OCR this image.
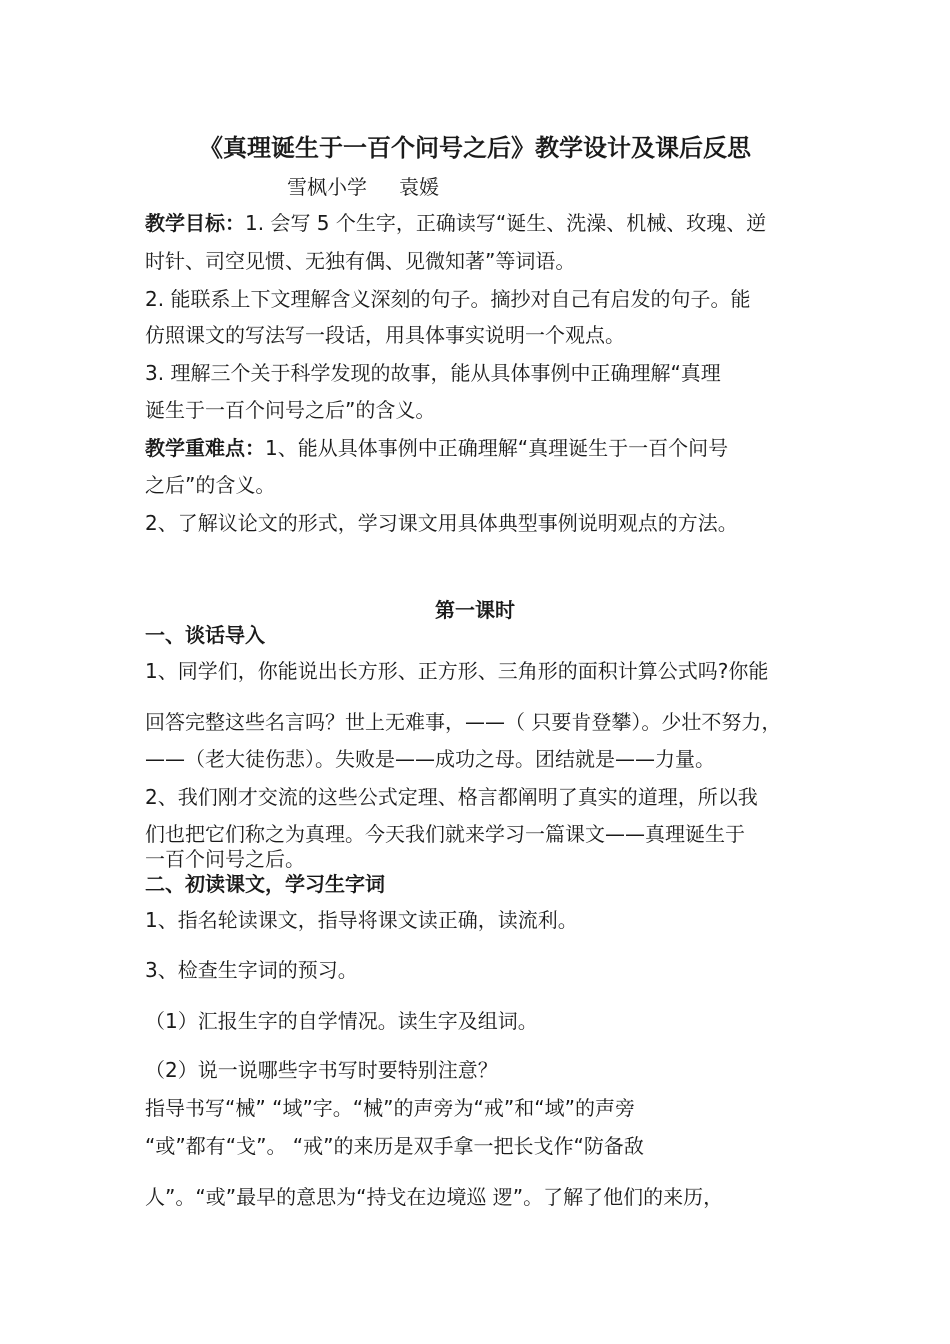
《真理诞生于一百个问号之后》教学设计及课后反思
雪枫小学 袁媛
教学目标：1. 会写 5 个生字，正确读写“诞生、洗澡、机械、玫瑰、逆
时针、司空见惯、无独有偶、见微知著”等词语。
2. 能联系上下文理解含义深刻的句子。摘抄对自己有启发的句子。能
仿照课文的写法写一段话，用具体事实说明一个观点。
3. 理解三个关于科学发现的故事，能从具体事例中正确理解“真理
诞生于一百个问号之后”的含义。
教学重难点：1、能从具体事例中正确理解“真理诞生于一百个问号
之后”的含义。
2、了解议论文的形式，学习课文用具体典型事例说明观点的方法。
第一课时
一、谈话导入
1、同学们，你能说出长方形、正方形、三角形的面积计算公式吗?你能
回答完整这些名言吗？世上无难事，——（ 只要肯登攀）。少壮不努力，
——（老大徒伤悲）。失败是——成功之母。团结就是——力量。
2、我们刚才交流的这些公式定理、格言都阐明了真实的道理，所以我
们也把它们称之为真理。今天我们就来学习一篇课文——真理诞生于
一百个问号之后。
二、初读课文，学习生字词
1、指名轮读课文，指导将课文读正确，读流利。
3、检查生字词的预习。
（1）汇报生字的自学情况。读生字及组词。
（2）说一说哪些字书写时要特别注意？
指导书写“械” “域”字。“械”的声旁为“戒”和“域”的声旁
“或”都有“戈”。 “戒”的来历是双手拿一把长戈作“防备敌
人”。“或”最早的意思为“持戈在边境巡 逻”。了解了他们的来历，
